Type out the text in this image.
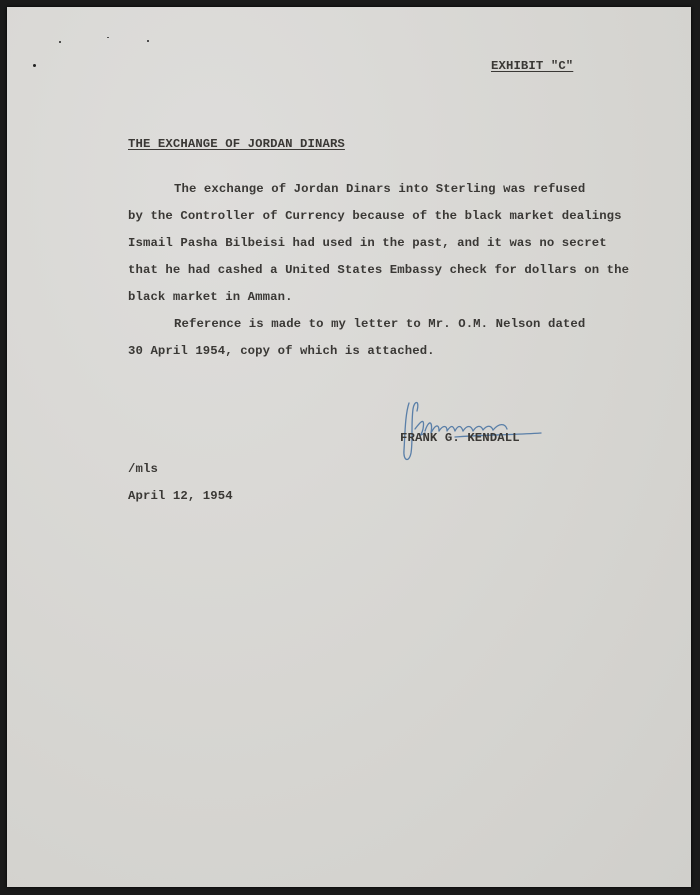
EXHIBIT "C"
THE EXCHANGE OF JORDAN DINARS
The exchange of Jordan Dinars into Sterling was refused
by the Controller of Currency because of the black market dealings
Ismail Pasha Bilbeisi had used in the past, and it was no secret
that he had cashed a United States Embassy check for dollars on the
black market in Amman.
Reference is made to my letter to Mr. O.M. Nelson dated
30 April 1954, copy of which is attached.
FRANK G. KENDALL
/mls
April 12, 1954
